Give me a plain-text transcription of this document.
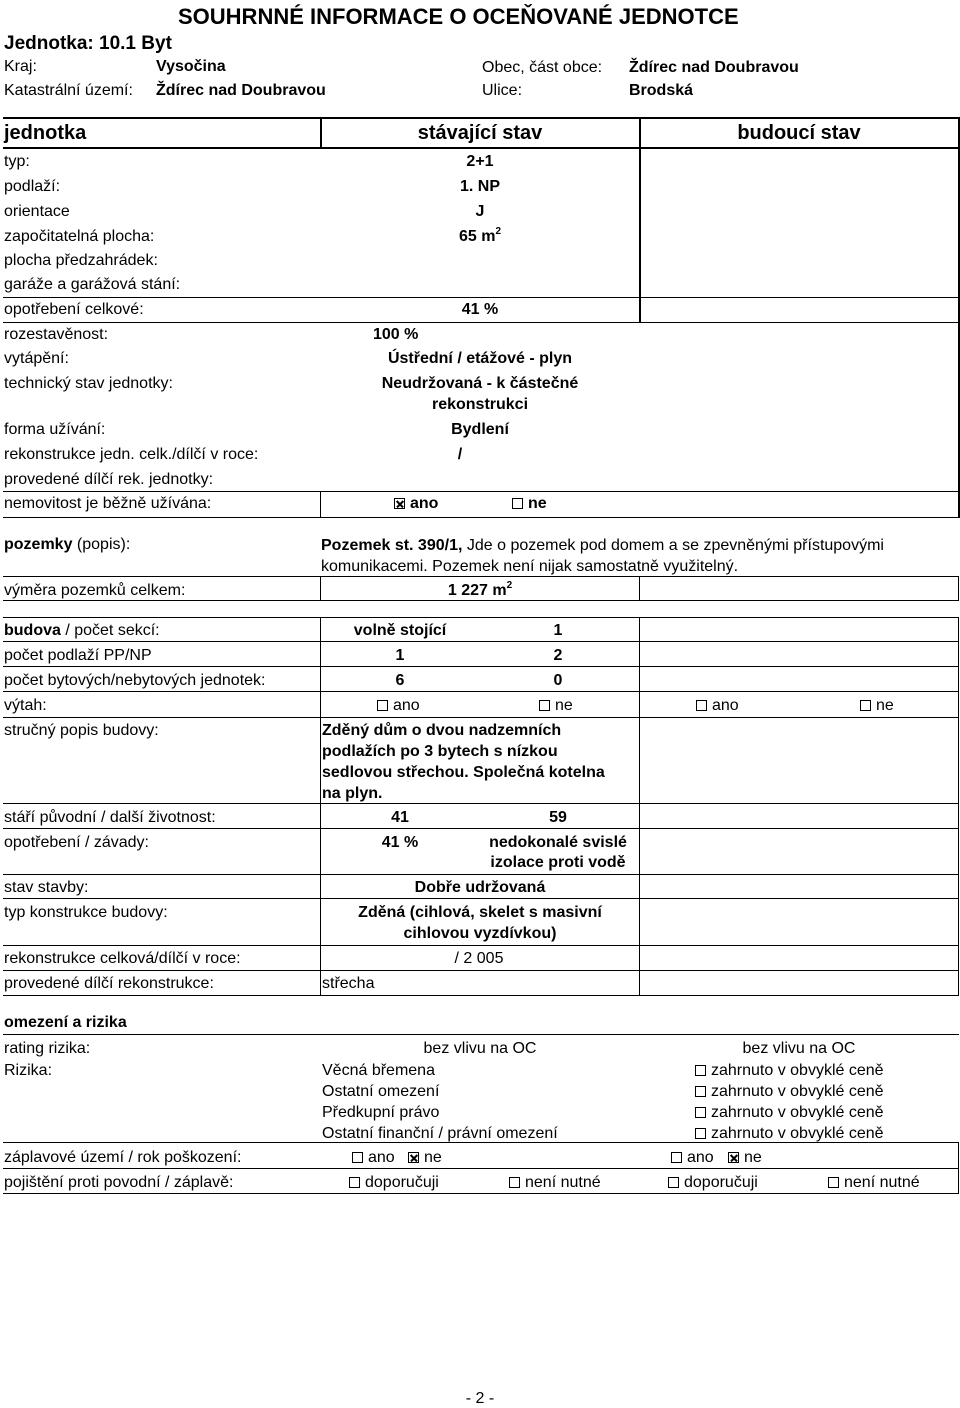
SOUHRNNÉ INFORMACE O OCEŇOVANÉ JEDNOTCE
Jednotka: 10.1 Byt
Kraj:	Vysočina	Obec, část obce: Ždírec nad Doubravou
Katastrální území: Ždírec nad Doubravou	Ulice:	Brodská
jednotka	stávající stav	budoucí stav
typ:	2+1
podlaží:	1. NP
orientace	J
započitatelná plocha:	65 $m^2$
plocha předzahrádek:
garáže a garážová stání:
opotřebení celkové:	41 %
rozestavěnost:	100 %
vytápění:	Ústřední / etážové - plyn
technický stav jednotky:	Neudržovaná - k částečné
rekonstrukci
forma užívání:	Bydlení
rekonstrukce jedn. celk./dílčí v roce:	/
provedené dílčí rek. jednotky:
nemovitost je běžně užívána:	ano	ne
pozemky (popis):	Pozemek st. 390/1, Jde o pozemek pod domem a se zpevněnými přístupovými komunikacemi. Pozemek není nijak samostatně využitelný.
výměra pozemků celkem:	1 227 $m^2$
budova / počet sekcí:	volně stojící	1
počet podlaží PP/NP	1	2
počet bytových/nebytových jednotek:	6	0
výtah:	ano	ne	ano	ne
stručný popis budovy:	Zděný dům o dvou nadzemních
podlažích po 3 bytech s nízkou
sedlovou střechou. Společná kotelna
na plyn.
stáří původní / další životnost:	41	59
opotřebení / závady:	41 %	nedokonalé svislé
izolace proti vodě
stav stavby:	Dobře udržovaná
typ konstrukce budovy:	Zděná (cihlová, skelet s masivní
cihlovou vyzdívkou)
rekonstrukce celková/dílčí v roce:	/ 2 005
provedené dílčí rekonstrukce:	střecha
omezení a rizika
rating rizika:	bez vlivu na OC	bez vlivu na OC
Rizika:	Věcná břemena	zahrnuto v obvyklé ceně
Ostatní omezení	zahrnuto v obvyklé ceně
Předkupní právo	zahrnuto v obvyklé ceně
Ostatní finanční / právní omezení	zahrnuto v obvyklé ceně
záplavové území / rok poškození:	ano	ne	ano	ne
pojištění proti povodní / záplavě:	doporučuji	není nutné	doporučuji	není nutné
- 2 -
